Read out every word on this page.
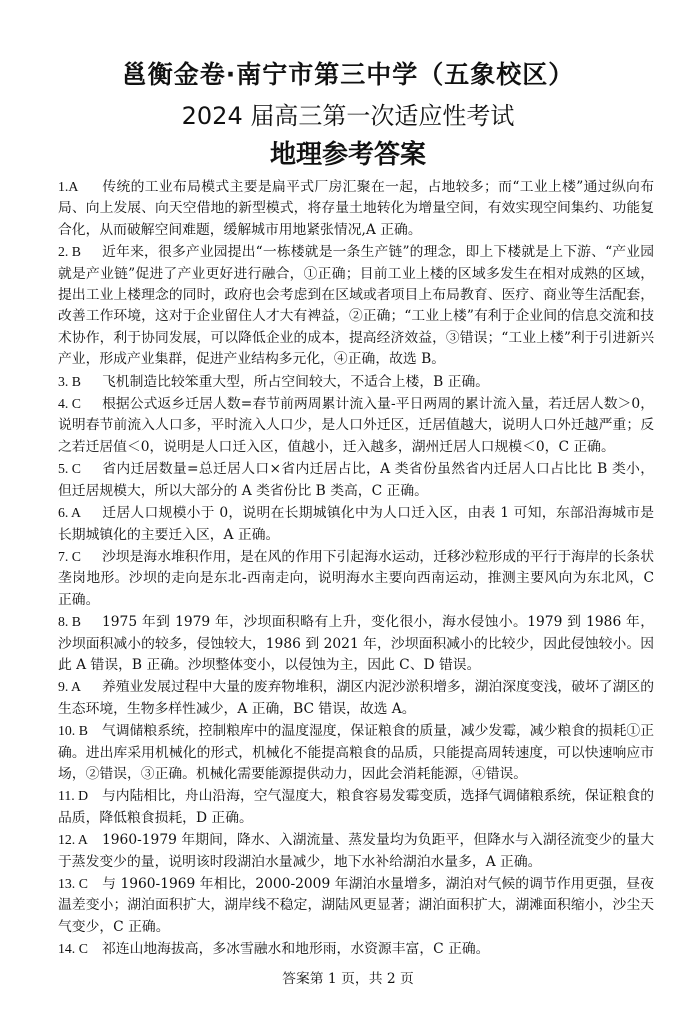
邕衡金卷·南宁市第三中学（五象校区）
2024 届高三第一次适应性考试
地理参考答案

1.A 传统的工业布局模式主要是扁平式厂房汇聚在一起，占地较多；而“工业上楼”通过纵向布局、向上发展、向天空借地的新型模式，将存量土地转化为增量空间，有效实现空间集约、功能复合化，从而破解空间难题，缓解城市用地紧张情况,A 正确。

2. B 近年来，很多产业园提出“一栋楼就是一条生产链”的理念，即上下楼就是上下游、“产业园就是产业链”促进了产业更好进行融合，①正确；目前工业上楼的区域多发生在相对成熟的区域，提出工业上楼理念的同时，政府也会考虑到在区域或者项目上布局教育、医疗、商业等生活配套，改善工作环境，这对于企业留住人才大有裨益，②正确；“工业上楼”有利于企业间的信息交流和技术协作，利于协同发展，可以降低企业的成本，提高经济效益，③错误；“工业上楼”利于引进新兴产业，形成产业集群，促进产业结构多元化，④正确，故选 B。

3. B 飞机制造比较笨重大型，所占空间较大，不适合上楼，B 正确。

4. C 根据公式返乡迁居人数=春节前两周累计流入量-平日两周的累计流入量，若迁居人数＞0，说明春节前流入人口多，平时流入人口少，是人口外迁区，迁居值越大，说明人口外迁越严重；反之若迁居值＜0，说明是人口迁入区，值越小，迁入越多，湖州迁居人口规模＜0，C 正确。

5. C 省内迁居数量=总迁居人口×省内迁居占比，A 类省份虽然省内迁居人口占比比 B 类小，但迁居规模大，所以大部分的 A 类省份比 B 类高，C 正确。

6. A 迁居人口规模小于 0，说明在长期城镇化中为人口迁入区，由表 1 可知，东部沿海城市是长期城镇化的主要迁入区，A 正确。

7. C 沙坝是海水堆积作用，是在风的作用下引起海水运动，迁移沙粒形成的平行于海岸的长条状垄岗地形。沙坝的走向是东北-西南走向，说明海水主要向西南运动，推测主要风向为东北风，C 正确。

8. B 1975 年到 1979 年，沙坝面积略有上升，变化很小，海水侵蚀小。1979 到 1986 年，沙坝面积减小的较多，侵蚀较大，1986 到 2021 年，沙坝面积减小的比较少，因此侵蚀较小。因此 A 错误，B 正确。沙坝整体变小，以侵蚀为主，因此 C、D 错误。

9. A 养殖业发展过程中大量的废弃物堆积，湖区内泥沙淤积增多，湖泊深度变浅，破坏了湖区的生态环境，生物多样性减少，A 正确，BC 错误，故选 A。

10. B 气调储粮系统，控制粮库中的温度湿度，保证粮食的质量，减少发霉，减少粮食的损耗①正确。进出库采用机械化的形式，机械化不能提高粮食的品质，只能提高周转速度，可以快速响应市场，②错误，③正确。机械化需要能源提供动力，因此会消耗能源，④错误。

11. D 与内陆相比，舟山沿海，空气湿度大，粮食容易发霉变质，选择气调储粮系统，保证粮食的品质，降低粮食损耗，D 正确。

12. A 1960-1979 年期间，降水、入湖流量、蒸发量均为负距平，但降水与入湖径流变少的量大于蒸发变少的量，说明该时段湖泊水量减少，地下水补给湖泊水量多，A 正确。

13. C 与 1960-1969 年相比，2000-2009 年湖泊水量增多，湖泊对气候的调节作用更强，昼夜温差变小；湖泊面积扩大，湖岸线不稳定，湖陆风更显著；湖泊面积扩大，湖滩面积缩小，沙尘天气变少，C 正确。

14. C 祁连山地海拔高，多冰雪融水和地形雨，水资源丰富，C 正确。

答案第 1 页，共 2 页
